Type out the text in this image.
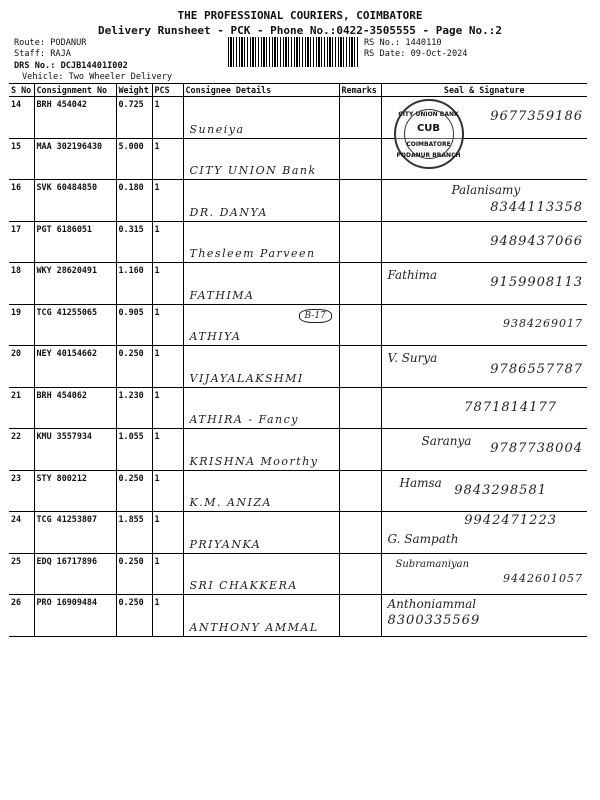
THE PROFESSIONAL COURIERS, COIMBATORE
Delivery Runsheet - PCK - Phone No.:0422-3505555 - Page No.:2
Route: PODANUR
Staff: RAJA
DRS No.: DCJB14401I002
Vehicle: Two Wheeler Delivery
RS No.: 1440110
RS Date: 09-Oct-2024
S No	Consignment No	Weight	PCS	Consignee Details	Remarks	Seal & Signature
14	BRH 454042	0.725	1	Suneiya		CITY UNION BANK
CUB
COIMBATORE
PODANUR BRANCH
9677359186

15	MAA 302196430	5.000	1	CITY UNION Bank		

16	SVK 60484850	0.180	1	DR. DANYA		Palanisamy
8344113358

17	PGT 6186051	0.315	1	Thesleem Parveen		9489437066

18	WKY 28620491	1.160	1	FATHIMA		Fathima 9159908113

19	TCG 41255065	0.905	1	B-17
ATHIYA		9384269017

20	NEY 40154662	0.250	1	VIJAYALAKSHMI		V. Surya
9786557787

21	BRH 454062	1.230	1	ATHIRA - Fancy		7871814177

22	KMU 3557934	1.055	1	KRISHNA Moorthy		Saranya 9787738004

23	STY 800212	0.250	1	K.M. ANIZA		Hamsa 9843298581

24	TCG 41253807	1.855	1	PRIYANKA		9942471223
G. Sampath

25	EDQ 16717896	0.250	1	SRI CHAKKERA		Subramaniyan
9442601057

26	PRO 16909484	0.250	1	ANTHONY AMMAL		Anthoniammal
8300335569
